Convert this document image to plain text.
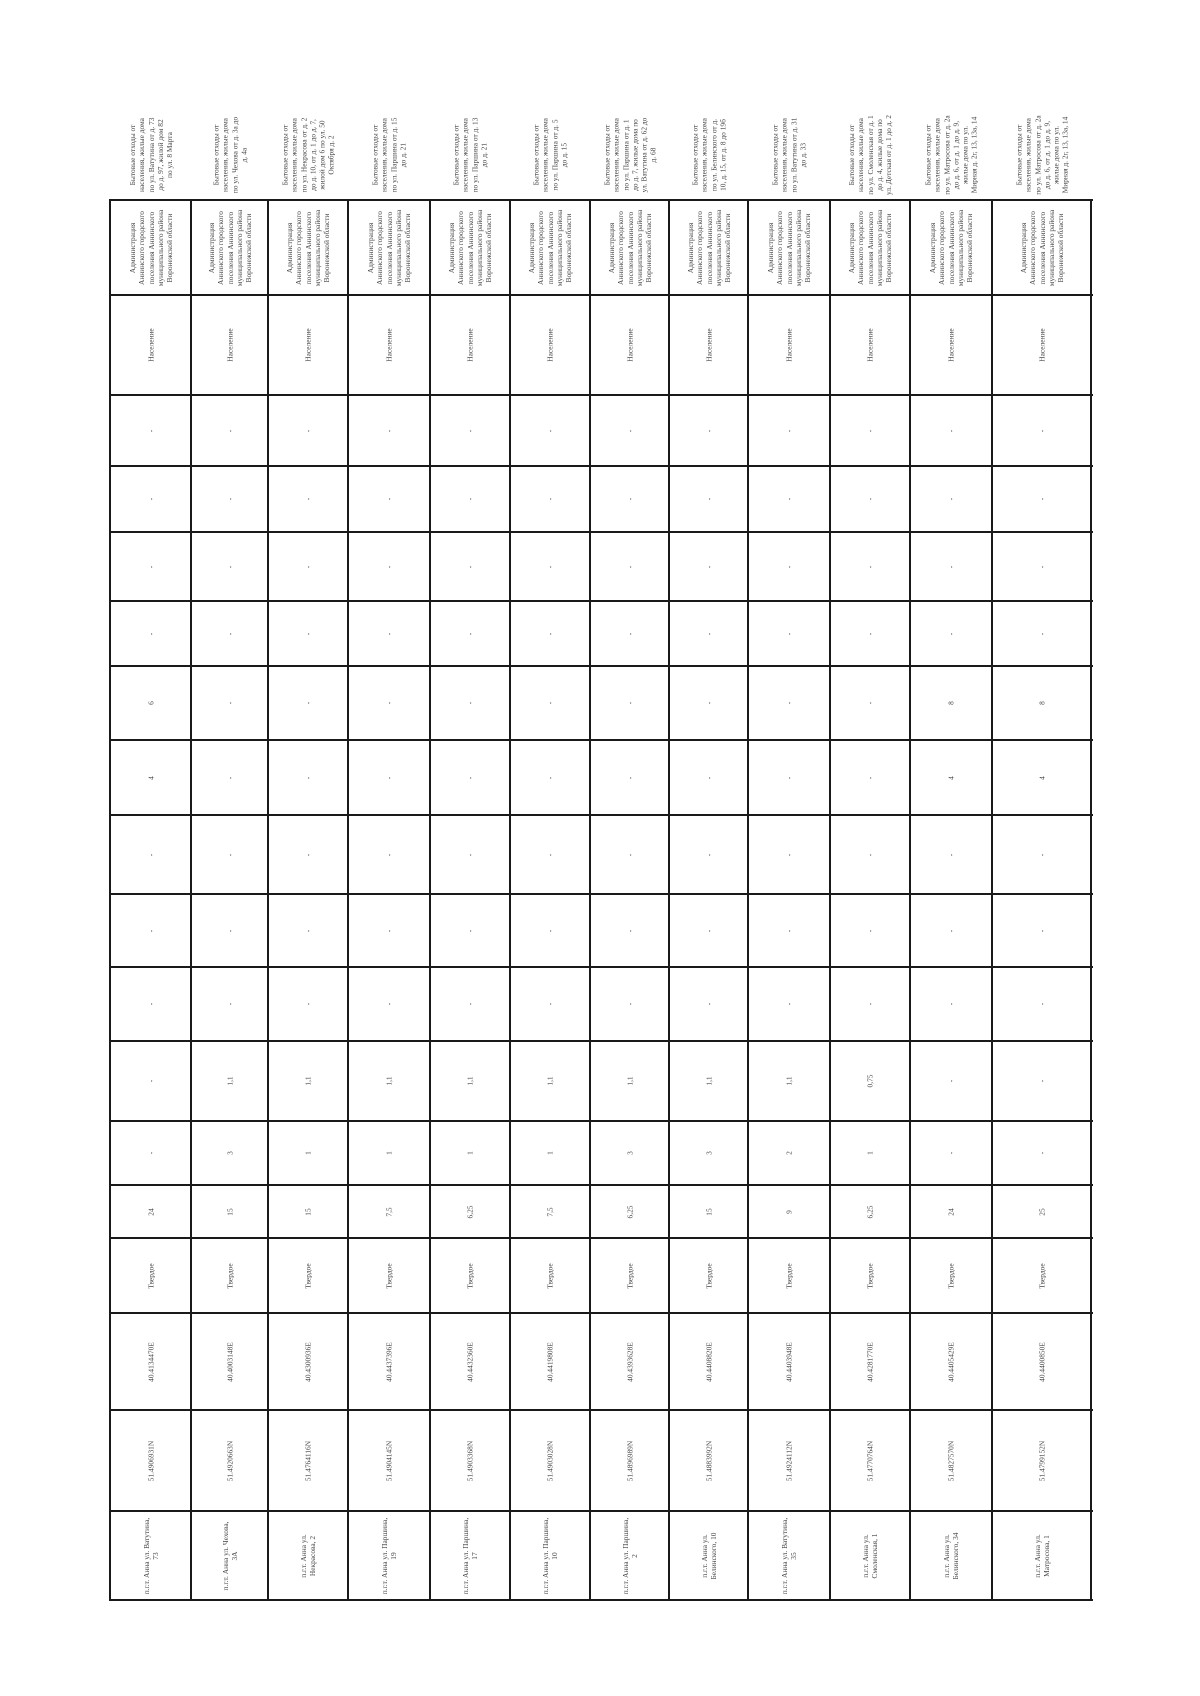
п.г.т. Анна ул. Ватутина, 73
51.4906931N
40.4134470E
Твердое
24
-
-
-
-
-
4
6
-
-
-
-
Население
Администрация Аннинского городского поселения Аннинского муниципального района Воронежской области
Бытовые отходы от населения, жилые дома по ул. Ватутина от д. 73 до д. 97, жилой дом 82 по ул. 8 Марта
п.г.т. Анна ул. Чехова, 3А
51.4920663N
40.4003148E
Твердое
15
3
1,1
-
-
-
-
-
-
-
-
-
Население
Администрация Аннинского городского поселения Аннинского муниципального района Воронежской области
Бытовые отходы от населения, жилые дома по ул. Чехова от д. 3а до д. 4а
п.г.т. Анна ул. Некрасова, 2
51.4764116N
40.4300936E
Твердое
15
1
1,1
-
-
-
-
-
-
-
-
-
Население
Администрация Аннинского городского поселения Аннинского муниципального района Воронежской области
Бытовые отходы от населения, жилые дома по ул. Некрасова от д. 2 до д. 10, от д. 1 до д. 7, жилой дом 6 по ул. 50 Октября д. 2
п.г.т. Анна ул. Паршина, 19
51.4904145N
40.4437396E
Твердое
7,5
1
1,1
-
-
-
-
-
-
-
-
-
Население
Администрация Аннинского городского поселения Аннинского муниципального района Воронежской области
Бытовые отходы от населения, жилые дома по ул. Паршина от д. 15 до д. 21
п.г.т. Анна ул. Паршина, 17
51.4903368N
40.4432360E
Твердое
6,25
1
1,1
-
-
-
-
-
-
-
-
-
Население
Администрация Аннинского городского поселения Аннинского муниципального района Воронежской области
Бытовые отходы от населения, жилые дома по ул. Паршина от д. 13 до д. 21
п.г.т. Анна ул. Паршина, 10
51.4903028N
40.4419808E
Твердое
7,5
1
1,1
-
-
-
-
-
-
-
-
-
Население
Администрация Аннинского городского поселения Аннинского муниципального района Воронежской области
Бытовые отходы от населения, жилые дома по ул. Паршина от д. 5 до д. 15
п.г.т. Анна ул. Паршина, 2
51.4896989N
40.4393628E
Твердое
6,25
3
1,1
-
-
-
-
-
-
-
-
-
Население
Администрация Аннинского городского поселения Аннинского муниципального района Воронежской области
Бытовые отходы от населения, жилые дома по ул. Паршина от д. 1 до д. 7, жилые дома по ул. Ватутина от д. 62 до д. 68
п.г.т. Анна ул. Белинского, 10
51.4883992N
40.4408820E
Твердое
15
3
1,1
-
-
-
-
-
-
-
-
-
Население
Администрация Аннинского городского поселения Аннинского муниципального района Воронежской области
Бытовые отходы от населения, жилые дома по ул. Белинского от д. 10, д. 15, от д. 8 до 19б
п.г.т. Анна ул. Ватутина, 35
51.4924112N
40.4403948E
Твердое
9
2
1,1
-
-
-
-
-
-
-
-
-
Население
Администрация Аннинского городского поселения Аннинского муниципального района Воронежской области
Бытовые отходы от населения, жилые дома по ул. Ватутина от д. 31 до д. 33
п.г.т. Анна ул. Смоленская, 1
51.4770764N
40.4281770E
Твердое
6,25
1
0,75
-
-
-
-
-
-
-
-
-
Население
Администрация Аннинского городского поселения Аннинского муниципального района Воронежской области
Бытовые отходы от населения, жилые дома по ул. Смоленская от д. 1 до д. 4, жилые дома по ул. Детская от д. 1 до д. 2
п.г.т. Анна ул. Белинского, 34
51.4827570N
40.4405429E
Твердое
24
-
-
-
-
-
4
8
-
-
-
-
Население
Администрация Аннинского городского поселения Аннинского муниципального района Воронежской области
Бытовые отходы от населения, жилые дома по ул. Матросова от д. 2а до д. 6, от д. 1 до д. 9, жилые дома по ул. Мирная д. 2г, 13, 13а, 14
п.г.т. Анна ул. Матросова, 1
51.4799152N
40.4400850E
Твердое
25
-
-
-
-
-
4
8
-
-
-
-
Население
Администрация Аннинского городского поселения Аннинского муниципального района Воронежской области
Бытовые отходы от населения, жилые дома по ул. Матросова от д. 2а до д. 6, от д. 1 до д. 9, жилые дома по ул. Мирная д. 2г, 13, 13а, 14
